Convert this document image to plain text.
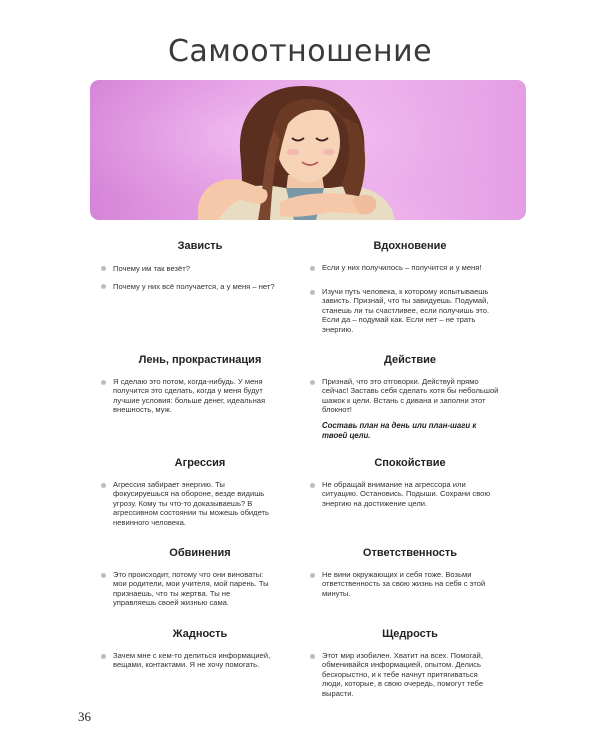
Самоотношение
Зависть
Почему им так везёт?
Почему у них всё получается, а у меня – нет?
Лень, прокрастинация
Я сделаю это потом, когда-нибудь. У меня получится это сделать, когда у меня будут лучшие условия: больше денег, идеальная внешность, муж.
Агрессия
Агрессия забирает энергию. Ты фокусируешься на обороне, везде видишь угрозу. Кому ты что-то доказываешь? В агрессивном состоянии ты можешь обидеть невинного человека.
Обвинения
Это происходит, потому что они виноваты: мои родители, мои учителя, мой парень. Ты признаешь, что ты жертва. Ты не управляешь своей жизнью сама.
Жадность
Зачем мне с кем-то делиться информацией, вещами, контактами. Я не хочу помогать.
Вдохновение
Если у них получилось – получится и у меня!
Изучи путь человека, к которому испытываешь зависть. Признай, что ты завидуешь. Подумай, станешь ли ты счастливее, если получишь это. Если да – подумай как. Если нет – не трать энергию.
Действие
Признай, что это отговорки. Действуй прямо сейчас! Заставь себя сделать хотя бы небольшой шажок к цели. Встань с дивана и заполни этот блокнот!
Составь план на день или план-шаги к твоей цели.
Спокойствие
Не обращай внимание на агрессора или ситуацию. Остановись. Подыши. Сохрани свою энергию на достижение цели.
Ответственность
Не вини окружающих и себя тоже. Возьми ответственность за свою жизнь на себя с этой минуты.
Щедрость
Этот мир изобилен. Хватит на всех. Помогай, обменивайся информацией, опытом. Делись бескорыстно, и к тебе начнут притягиваться люди, которые, в свою очередь, помогут тебе вырасти.
36
